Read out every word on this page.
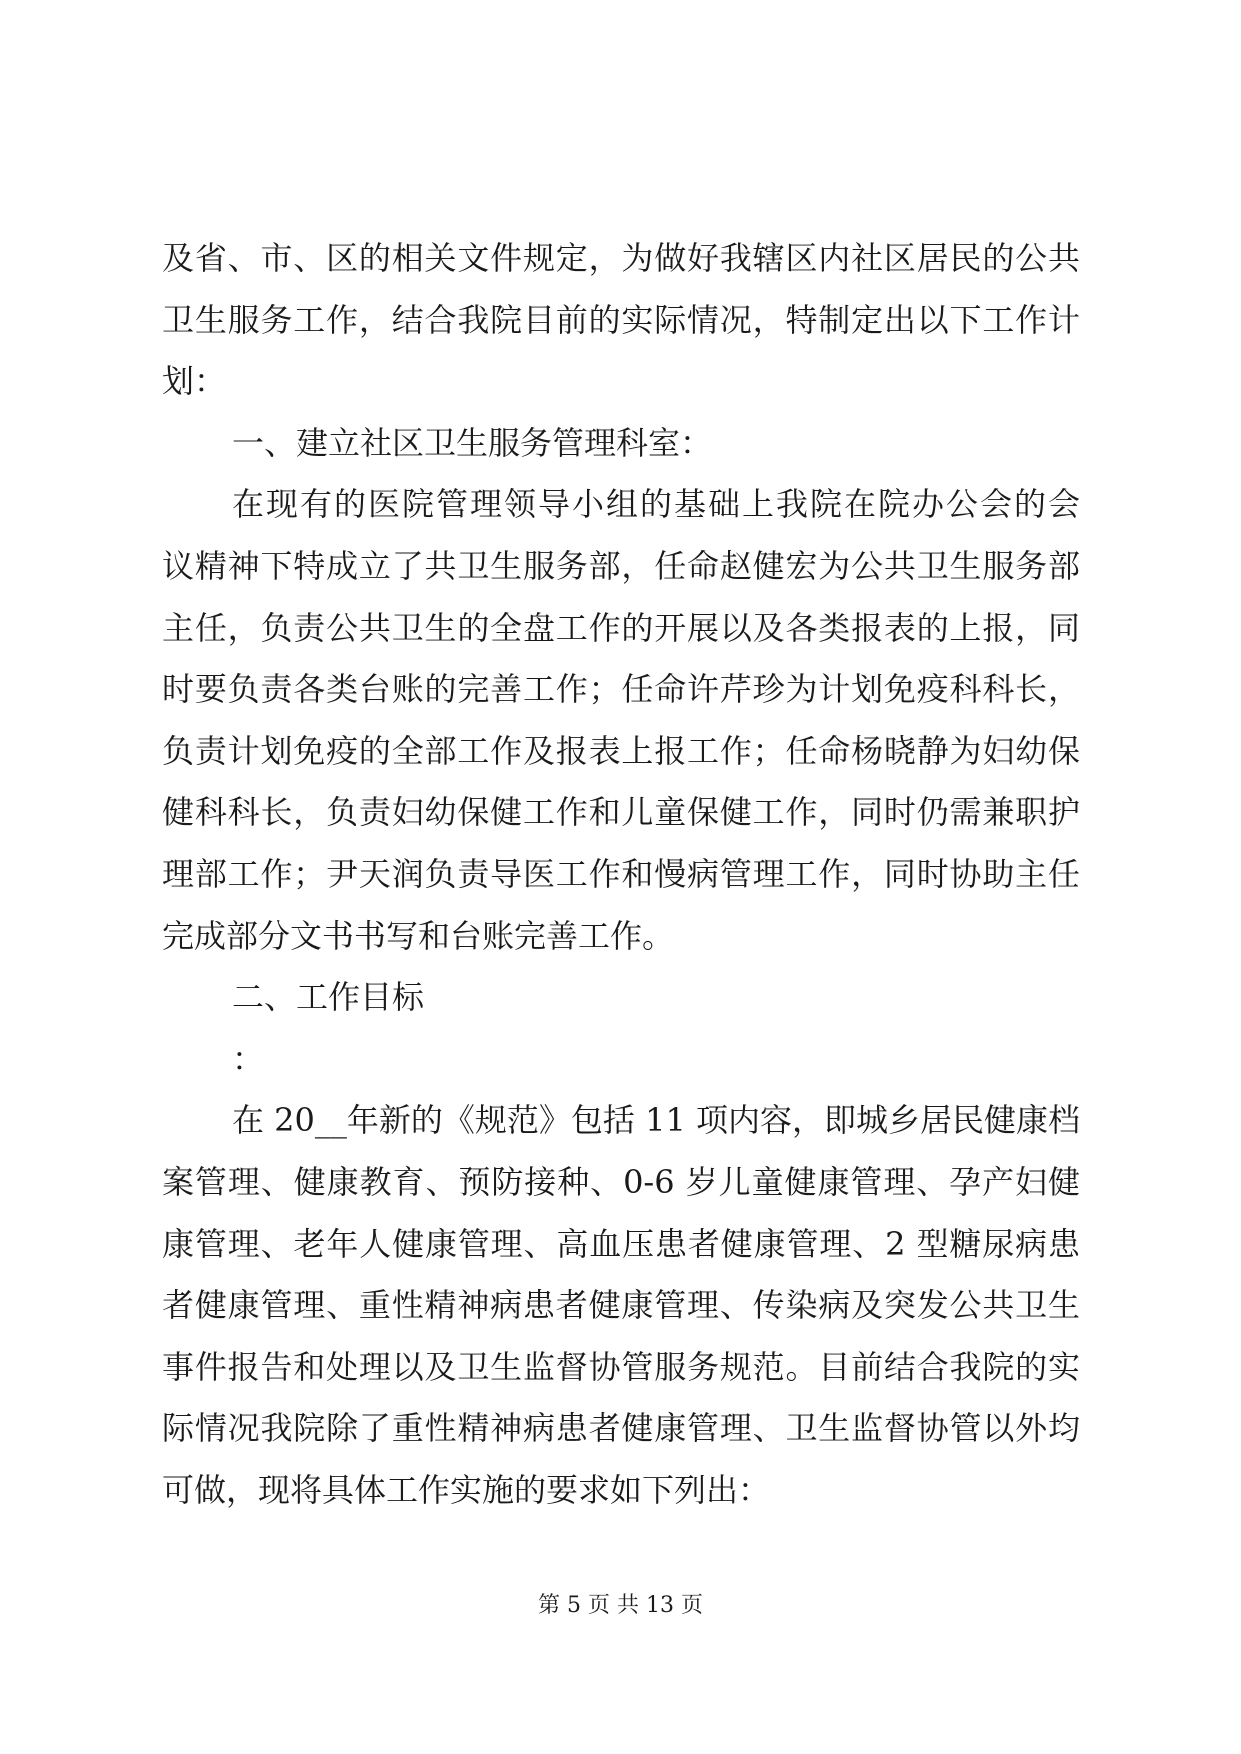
及省、市、区的相关文件规定，为做好我辖区内社区居民的公共
卫生服务工作，结合我院目前的实际情况，特制定出以下工作计
划：
一、建立社区卫生服务管理科室：
在现有的医院管理领导小组的基础上我院在院办公会的会
议精神下特成立了共卫生服务部，任命赵健宏为公共卫生服务部
主任，负责公共卫生的全盘工作的开展以及各类报表的上报，同
时要负责各类台账的完善工作；任命许芹珍为计划免疫科科长，
负责计划免疫的全部工作及报表上报工作；任命杨晓静为妇幼保
健科科长，负责妇幼保健工作和儿童保健工作，同时仍需兼职护
理部工作；尹天润负责导医工作和慢病管理工作，同时协助主任
完成部分文书书写和台账完善工作。
二、工作目标
：
在 20__年新的《规范》包括 11 项内容，即城乡居民健康档
案管理、健康教育、预防接种、0-6 岁儿童健康管理、孕产妇健
康管理、老年人健康管理、高血压患者健康管理、2 型糖尿病患
者健康管理、重性精神病患者健康管理、传染病及突发公共卫生
事件报告和处理以及卫生监督协管服务规范。目前结合我院的实
际情况我院除了重性精神病患者健康管理、卫生监督协管以外均
可做，现将具体工作实施的要求如下列出：
第 5 页 共 13 页
